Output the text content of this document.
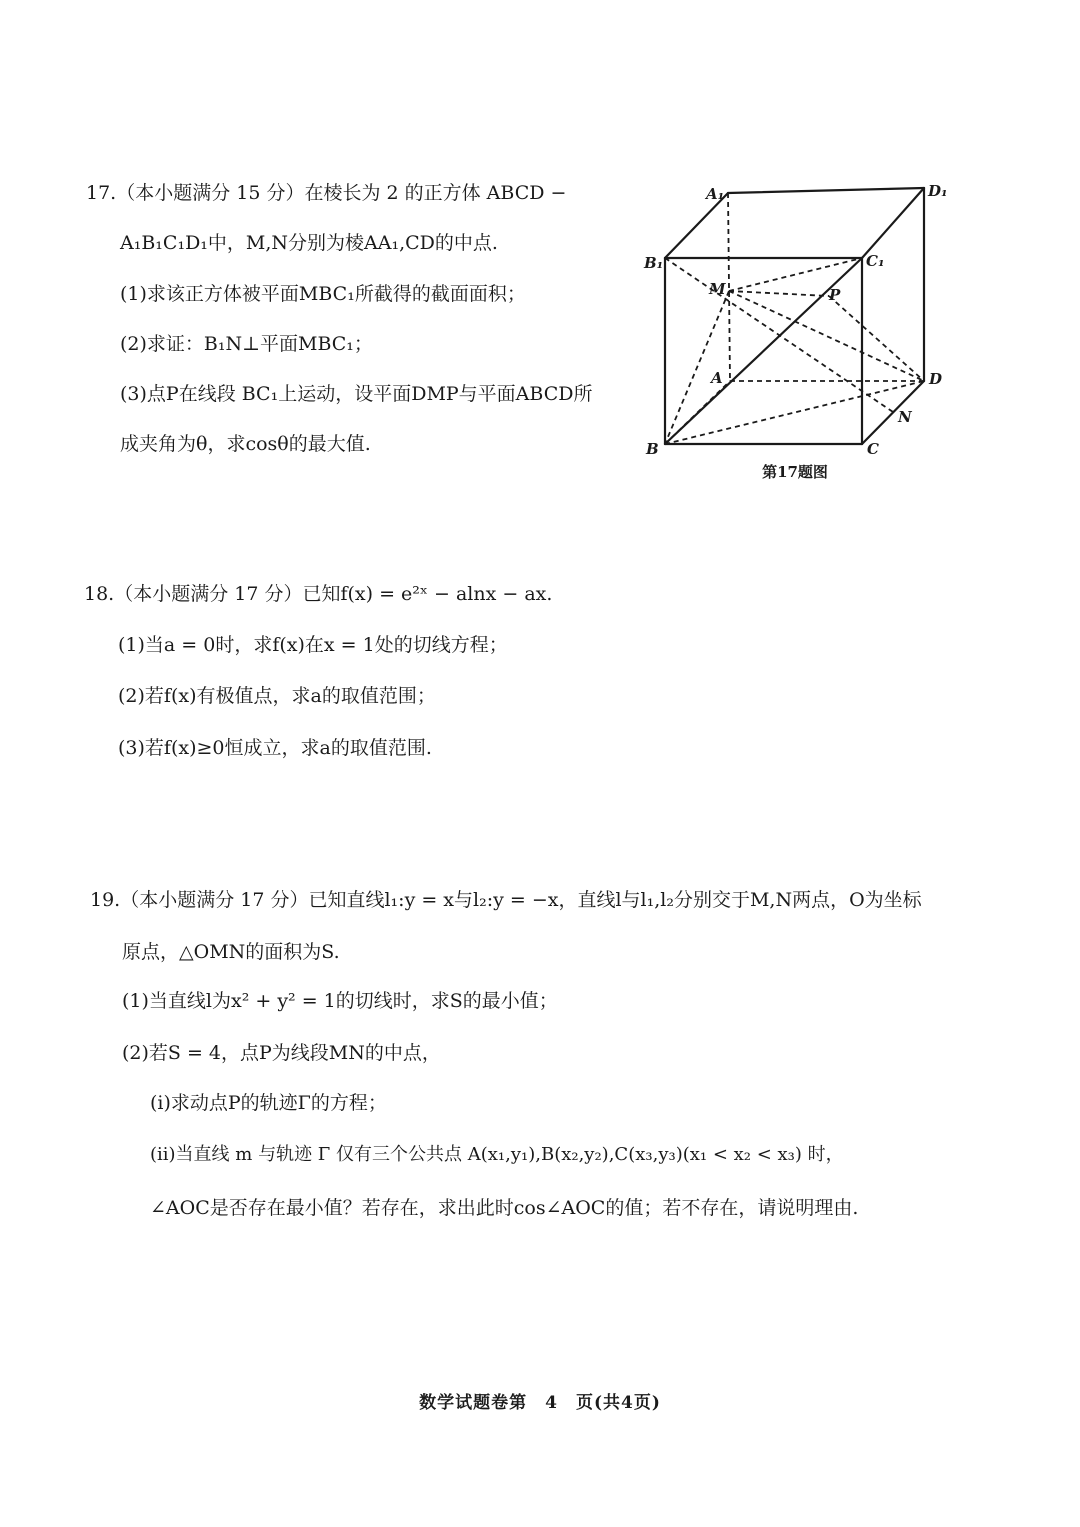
17.（本小题满分 15 分）在棱长为 2 的正方体 ABCD −
A₁B₁C₁D₁中，M,N分别为棱AA₁,CD的中点.
(1)求该正方体被平面MBC₁所截得的截面面积；
(2)求证：B₁N⊥平面MBC₁；
(3)点P在线段 BC₁上运动，设平面DMP与平面ABCD所
成夹角为θ，求cosθ的最大值.
A₁	D₁
B₁	C₁
M	P
A	D
N
B	C
第17题图
18.（本小题满分 17 分）已知f(x) = e²ˣ − alnx − ax.
(1)当a = 0时，求f(x)在x = 1处的切线方程；
(2)若f(x)有极值点，求a的取值范围；
(3)若f(x)≥0恒成立，求a的取值范围.
19.（本小题满分 17 分）已知直线l₁:y = x与l₂:y = −x，直线l与l₁,l₂分别交于M,N两点，O为坐标
原点，△OMN的面积为S.
(1)当直线l为x² + y² = 1的切线时，求S的最小值；
(2)若S = 4，点P为线段MN的中点，
(i)求动点P的轨迹Γ的方程；
(ii)当直线 m 与轨迹 Γ 仅有三个公共点 A(x₁,y₁),B(x₂,y₂),C(x₃,y₃)(x₁ < x₂ < x₃) 时，
∠AOC是否存在最小值？若存在，求出此时cos∠AOC的值；若不存在，请说明理由.
数学试题卷第　4　页(共4页)
